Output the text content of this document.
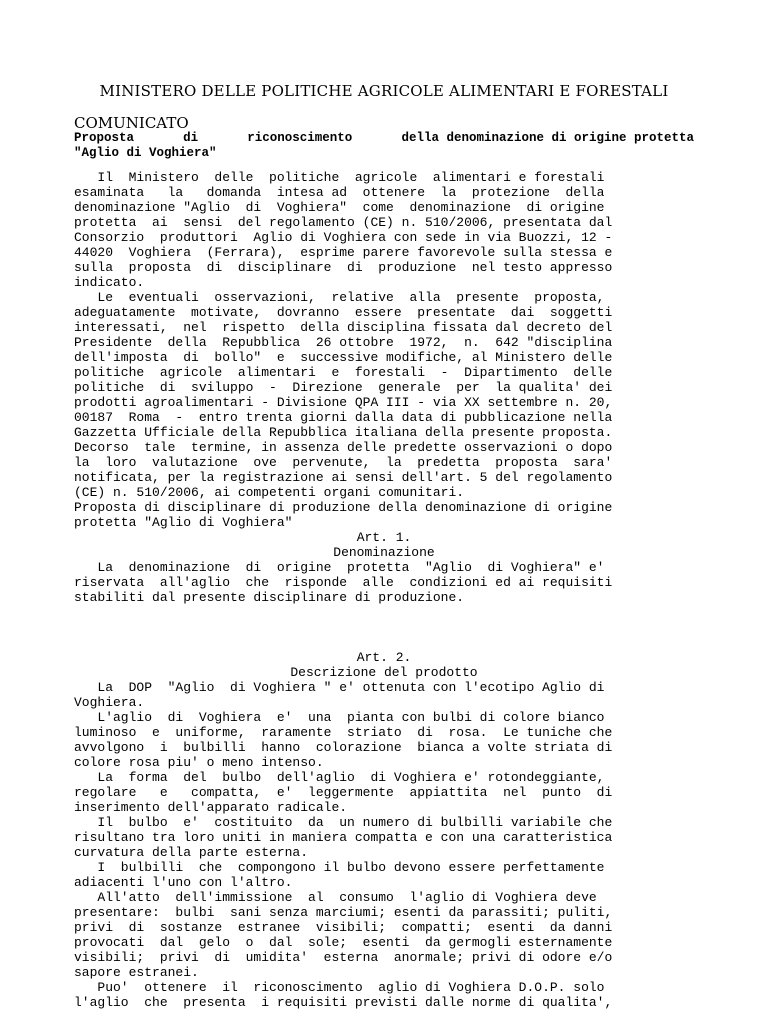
MINISTERO DELLE POLITICHE AGRICOLE ALIMENTARI E FORESTALI
COMUNICATO
Proposta	di	riconoscimento	della denominazione di origine protetta
"Aglio di Voghiera"
Il  Ministero  delle  politiche  agricole  alimentari e forestali
esaminata   la   domanda  intesa ad  ottenere  la  protezione  della
denominazione "Aglio  di  Voghiera"  come  denominazione  di origine
protetta  ai  sensi  del regolamento (CE) n. 510/2006, presentata dal
Consorzio  produttori  Aglio di Voghiera con sede in via Buozzi, 12 -
44020  Voghiera  (Ferrara),  esprime parere favorevole sulla stessa e
sulla  proposta  di  disciplinare  di  produzione  nel testo appresso
indicato.
Le  eventuali  osservazioni,  relative  alla  presente  proposta,
adeguatamente  motivate,  dovranno  essere  presentate  dai  soggetti
interessati,  nel  rispetto  della disciplina fissata dal decreto del
Presidente  della  Repubblica  26 ottobre  1972,  n.  642 "disciplina
dell'imposta  di  bollo"  e  successive modifiche, al Ministero delle
politiche  agricole  alimentari  e  forestali  -  Dipartimento  delle
politiche  di  sviluppo  -  Direzione  generale  per  la qualita' dei
prodotti agroalimentari - Divisione QPA III - via XX settembre n. 20,
00187  Roma  -  entro trenta giorni dalla data di pubblicazione nella
Gazzetta Ufficiale della Repubblica italiana della presente proposta.
Decorso  tale  termine, in assenza delle predette osservazioni o dopo
la  loro  valutazione  ove  pervenute,  la  predetta  proposta  sara'
notificata, per la registrazione ai sensi dell'art. 5 del regolamento
(CE) n. 510/2006, ai competenti organi comunitari.
Proposta di disciplinare di produzione della denominazione di origine
protetta "Aglio di Voghiera"
Art. 1.
Denominazione
La  denominazione  di  origine  protetta  "Aglio  di Voghiera" e'
riservata  all'aglio  che  risponde  alle  condizioni ed ai requisiti
stabiliti dal presente disciplinare di produzione.
Art. 2.
Descrizione del prodotto
La  DOP  "Aglio  di Voghiera " e' ottenuta con l'ecotipo Aglio di
Voghiera.
L'aglio  di  Voghiera  e'  una  pianta con bulbi di colore bianco
luminoso  e  uniforme,  raramente  striato  di  rosa.  Le tuniche che
avvolgono  i  bulbilli  hanno  colorazione  bianca a volte striata di
colore rosa piu' o meno intenso.
La  forma  del  bulbo  dell'aglio  di Voghiera e' rotondeggiante,
regolare   e   compatta,  e'  leggermente  appiattita  nel  punto  di
inserimento dell'apparato radicale.
Il  bulbo  e'  costituito  da  un numero di bulbilli variabile che
risultano tra loro uniti in maniera compatta e con una caratteristica
curvatura della parte esterna.
I  bulbilli  che  compongono il bulbo devono essere perfettamente
adiacenti l'uno con l'altro.
All'atto  dell'immissione  al  consumo  l'aglio di Voghiera deve
presentare:  bulbi  sani senza marciumi; esenti da parassiti; puliti,
privi  di  sostanze  estranee  visibili;  compatti;  esenti  da danni
provocati  dal  gelo  o  dal  sole;  esenti  da germogli esternamente
visibili;  privi  di  umidita'  esterna  anormale; privi di odore e/o
sapore estranei.
Puo'  ottenere  il  riconoscimento  aglio di Voghiera D.O.P. solo
l'aglio  che  presenta  i requisiti previsti dalle norme di qualita',
